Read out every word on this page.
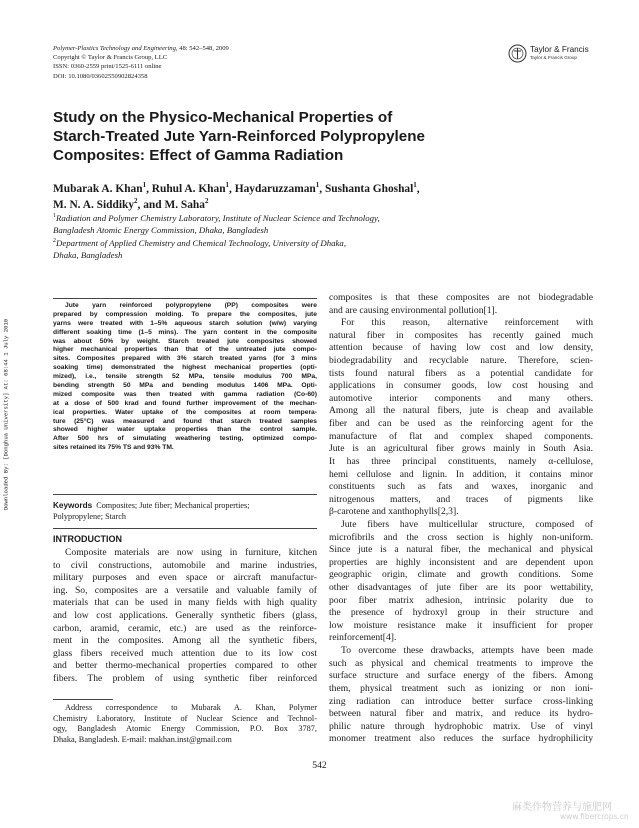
Polymer-Plastics Technology and Engineering, 48: 542–548, 2009
Copyright © Taylor & Francis Group, LLC
ISSN: 0360-2559 print/1525-6111 online
DOI: 10.1080/03602550902824358
Taylor & Francis
Taylor & Francis Group
Study on the Physico-Mechanical Properties of
Starch-Treated Jute Yarn-Reinforced Polypropylene
Composites: Effect of Gamma Radiation
Mubarak A. Khan$^1$, Ruhul A. Khan$^1$, Haydaruzzaman$^1$, Sushanta Ghoshal$^1$,
M. N. A. Siddiky$^2$, and M. Saha$^2$
$^1$Radiation and Polymer Chemistry Laboratory, Institute of Nuclear Science and Technology,
Bangladesh Atomic Energy Commission, Dhaka, Bangladesh
$^2$Department of Applied Chemistry and Chemical Technology, University of Dhaka,
Dhaka, Bangladesh
Downloaded By: [Donghua University] At: 08:44 1 July 2010
Jute yarn reinforced polypropylene (PP) composites were
prepared by compression molding. To prepare the composites, jute
yarns were treated with 1–5% aqueous starch solution (w/w) varying
different soaking time (1–5 mins). The yarn content in the composite
was about 50% by weight. Starch treated jute composites showed
higher mechanical properties than that of the untreated jute compo-
sites. Composites prepared with 3% starch treated yarns (for 3 mins
soaking time) demonstrated the highest mechanical properties (opti-
mized), i.e., tensile strength 52 MPa, tensile modulus 700 MPa,
bending strength 50 MPa and bending modulus 1406 MPa. Opti-
mized composite was then treated with gamma radiation (Co-60)
at a dose of 500 krad and found further improvement of the mechan-
ical properties. Water uptake of the composites at room tempera-
ture (25°C) was measured and found that starch treated samples
showed higher water uptake properties than the control sample.
After 500 hrs of simulating weathering testing, optimized compo-
sites retained its 75% TS and 93% TM.
Keywords Composites; Jute fiber; Mechanical properties;
Polypropylene; Starch
INTRODUCTION
Composite materials are now using in furniture, kitchen
to civil constructions, automobile and marine industries,
military purposes and even space or aircraft manufactur-
ing. So, composites are a versatile and valuable family of
materials that can be used in many fields with high quality
and low cost applications. Generally synthetic fibers (glass,
carbon, aramid, ceramic, etc.) are used as the reinforce-
ment in the composites. Among all the synthetic fibers,
glass fibers received much attention due to its low cost
and better thermo-mechanical properties compared to other
fibers. The problem of using synthetic fiber reinforced
Address correspondence to Mubarak A. Khan, Polymer
Chemistry Laboratory, Institute of Nuclear Science and Technol-
ogy, Bangladesh Atomic Energy Commission, P.O. Box 3787,
Dhaka, Bangladesh. E-mail: makhan.inst@gmail.com
composites is that these composites are not biodegradable
and are causing environmental pollution[1].
For this reason, alternative reinforcement with
natural fiber in composites has recently gained much
attention because of having low cost and low density,
biodegradability and recyclable nature. Therefore, scien-
tists found natural fibers as a potential candidate for
applications in consumer goods, low cost housing and
automotive interior components and many others.
Among all the natural fibers, jute is cheap and available
fiber and can be used as the reinforcing agent for the
manufacture of flat and complex shaped components.
Jute is an agricultural fiber grows mainly in South Asia.
It has three principal constituents, namely α-cellulose,
hemi cellulose and lignin. In addition, it contains minor
constituents such as fats and waxes, inorganic and
nitrogenous matters, and traces of pigments like
β-carotene and xanthophylls[2,3].
Jute fibers have multicellular structure, composed of
microfibrils and the cross section is highly non-uniform.
Since jute is a natural fiber, the mechanical and physical
properties are highly inconsistent and are dependent upon
geographic origin, climate and growth conditions. Some
other disadvantages of jute fiber are its poor wettability,
poor fiber matrix adhesion, intrinsic polarity due to
the presence of hydroxyl group in their structure and
low moisture resistance make it insufficient for proper
reinforcement[4].
To overcome these drawbacks, attempts have been made
such as physical and chemical treatments to improve the
surface structure and surface energy of the fibers. Among
them, physical treatment such as ionizing or non ioni-
zing radiation can introduce better surface cross-linking
between natural fiber and matrix, and reduce its hydro-
philic nature through hydrophobic matrix. Use of vinyl
monomer treatment also reduces the surface hydrophilicity
542
麻类作物营养与施肥网
www.fibercrops.cn
